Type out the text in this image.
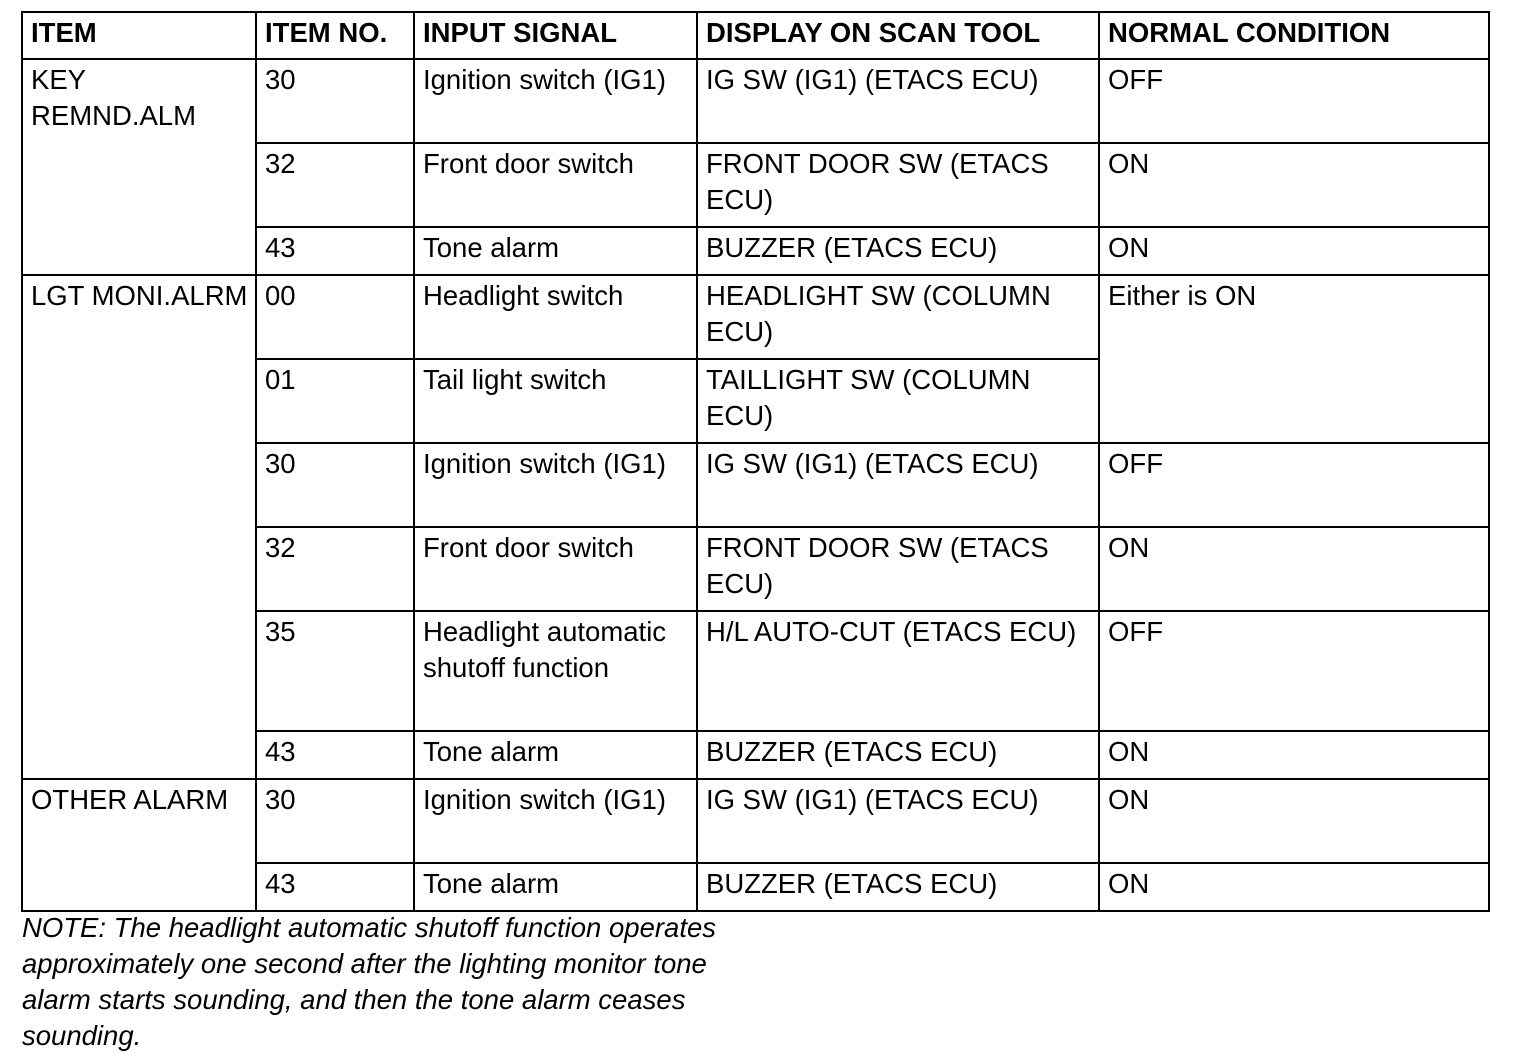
ITEM	ITEM NO.	INPUT SIGNAL	DISPLAY ON SCAN TOOL	NORMAL CONDITION
KEY REMND.ALM	30	Ignition switch (IG1)	IG SW (IG1) (ETACS ECU)	OFF
	32	Front door switch	FRONT DOOR SW (ETACS ECU)	ON
	43	Tone alarm	BUZZER (ETACS ECU)	ON
LGT MONI.ALRM	00	Headlight switch	HEADLIGHT SW (COLUMN ECU)	Either is ON
	01	Tail light switch	TAILLIGHT SW (COLUMN ECU)	
	30	Ignition switch (IG1)	IG SW (IG1) (ETACS ECU)	OFF
	32	Front door switch	FRONT DOOR SW (ETACS ECU)	ON
	35	Headlight automatic shutoff function	H/L AUTO-CUT (ETACS ECU)	OFF
	43	Tone alarm	BUZZER (ETACS ECU)	ON
OTHER ALARM	30	Ignition switch (IG1)	IG SW (IG1) (ETACS ECU)	ON
	43	Tone alarm	BUZZER (ETACS ECU)	ON
NOTE: The headlight automatic shutoff function operates approximately one second after the lighting monitor tone alarm starts sounding, and then the tone alarm ceases sounding.
